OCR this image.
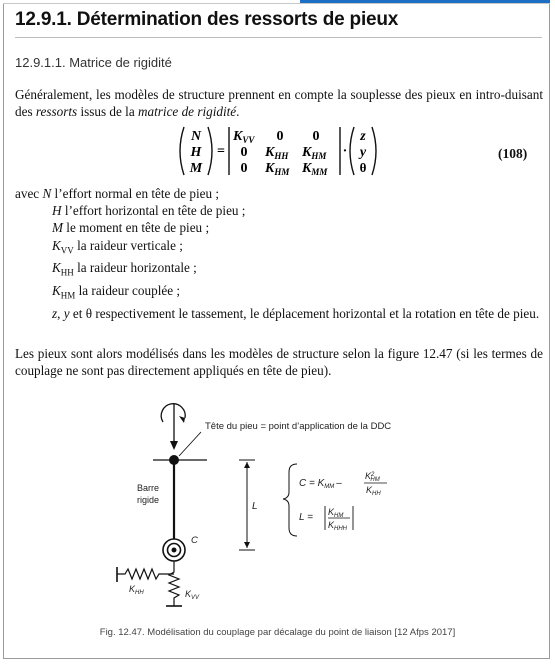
12.9.1. Détermination des ressorts de pieux
12.9.1.1. Matrice de rigidité
Généralement, les modèles de structure prennent en compte la souplesse des pieux en intro-duisant des ressorts issus de la matrice de rigidité.
N
H
M
=
$K_{VV}$ 0 0
0 $K_{HH}$ $K_{HM}$
0 $K_{HM}$ $K_{MM}$
·
z
y
θ
(108)
avec N l’effort normal en tête de pieu ;
H l’effort horizontal en tête de pieu ;
M le moment en tête de pieu ;
$K_{VV}$ la raideur verticale ;
$K_{HH}$ la raideur horizontale ;
$K_{HM}$ la raideur couplée ;
z, y et θ respectivement le tassement, le déplacement horizontal et la rotation en tête de pieu.
Les pieux sont alors modélisés dans les modèles de structure selon la figure 12.47 (si les termes de couplage ne sont pas directement appliqués en tête de pieu).
Tête du pieu = point d’application de la DDC
Barre
rigide
C
$K_{HH}$	$K_{VV}$
L
$C = K_{MM}$ –
$K^2$ HM
$K_{HH}$
$L = K_{HM}$
$K_{HHH}$
Fig. 12.47. Modélisation du couplage par décalage du point de liaison [12 Afps 2017]
